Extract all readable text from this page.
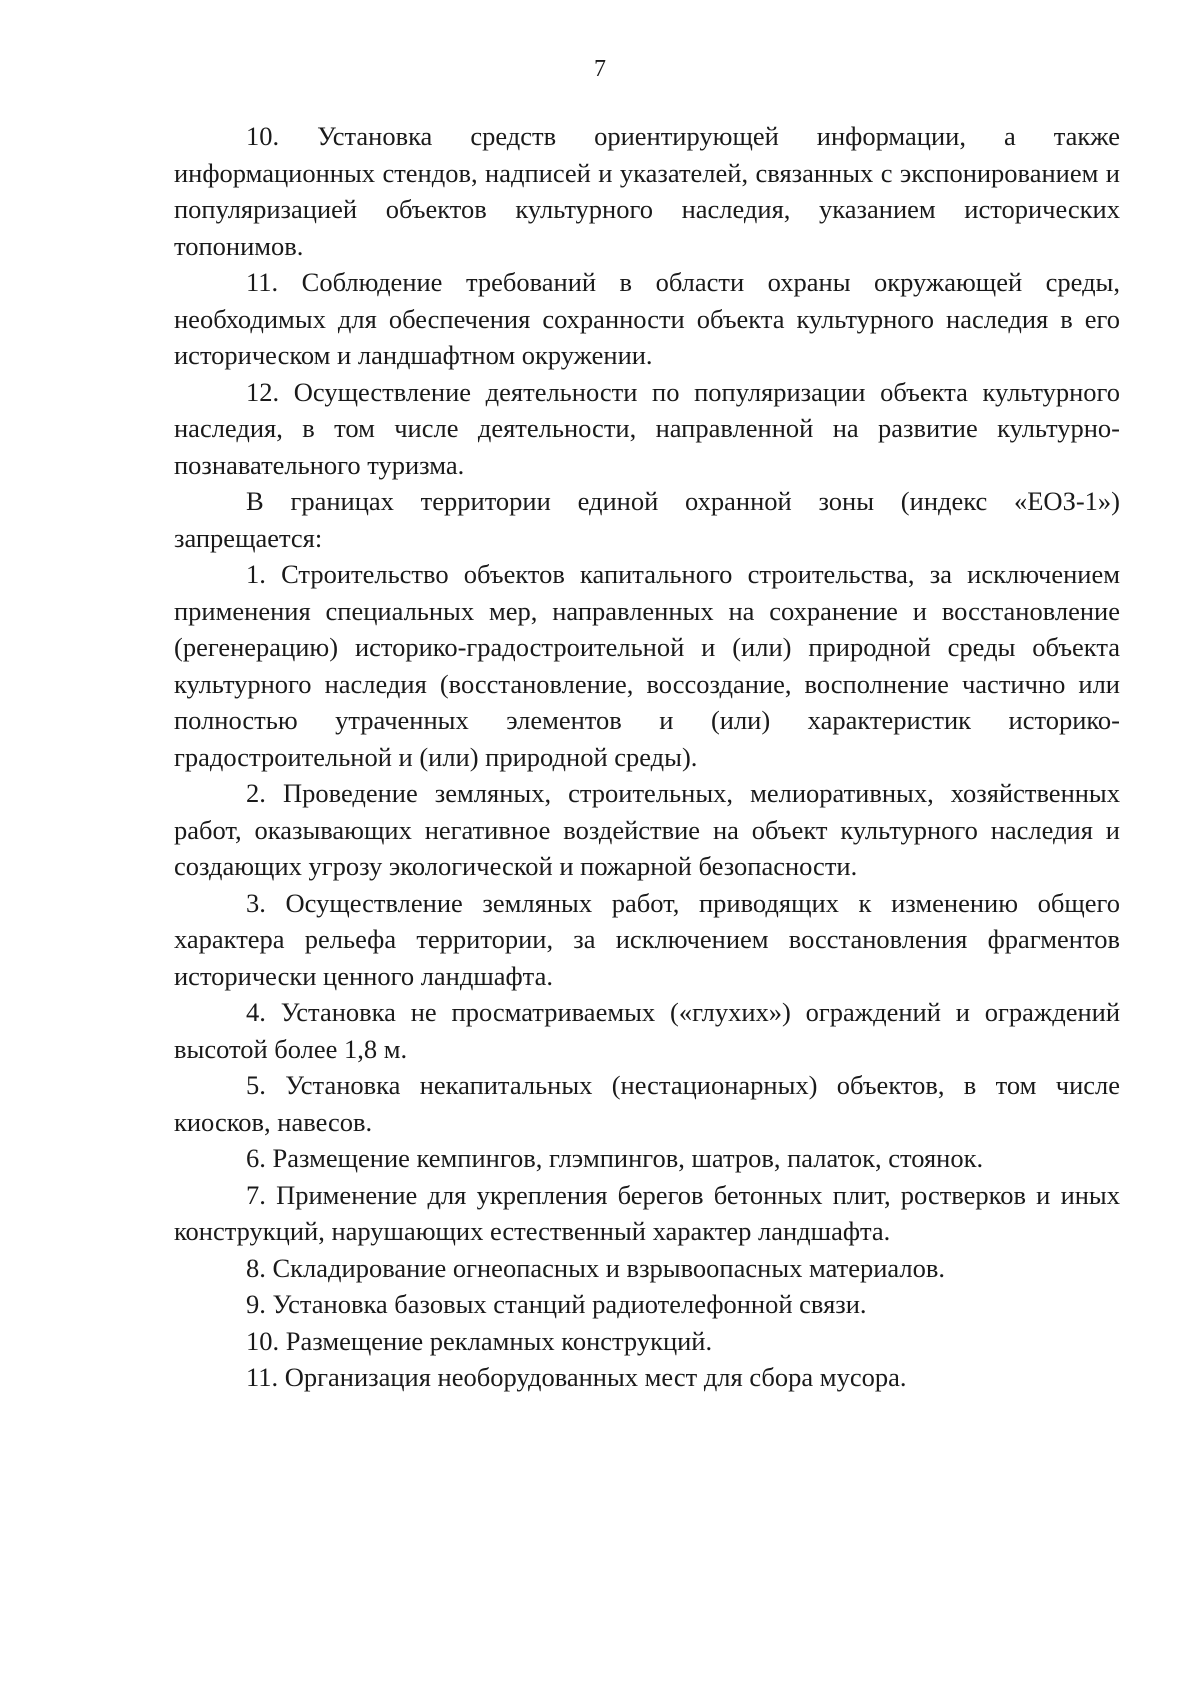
7

10. Установка средств ориентирующей информации, а также информационных стендов, надписей и указателей, связанных с экспонированием и популяризацией объектов культурного наследия, указанием исторических топонимов.

11. Соблюдение требований в области охраны окружающей среды, необходимых для обеспечения сохранности объекта культурного наследия в его историческом и ландшафтном окружении.

12. Осуществление деятельности по популяризации объекта культурного наследия, в том числе деятельности, направленной на развитие культурно-познавательного туризма.

В границах территории единой охранной зоны (индекс «ЕОЗ-1») запрещается:

1. Строительство объектов капитального строительства, за исключением применения специальных мер, направленных на сохранение и восстановление (регенерацию) историко-градостроительной и (или) природной среды объекта культурного наследия (восстановление, воссоздание, восполнение частично или полностью утраченных элементов и (или) характеристик историко-градостроительной и (или) природной среды).

2. Проведение земляных, строительных, мелиоративных, хозяйственных работ, оказывающих негативное воздействие на объект культурного наследия и создающих угрозу экологической и пожарной безопасности.

3. Осуществление земляных работ, приводящих к изменению общего характера рельефа территории, за исключением восстановления фрагментов исторически ценного ландшафта.

4. Установка не просматриваемых («глухих») ограждений и ограждений высотой более 1,8 м.

5. Установка некапитальных (нестационарных) объектов, в том числе киосков, навесов.

6. Размещение кемпингов, глэмпингов, шатров, палаток, стоянок.

7. Применение для укрепления берегов бетонных плит, ростверков и иных конструкций, нарушающих естественный характер ландшафта.

8. Складирование огнеопасных и взрывоопасных материалов.

9. Установка базовых станций радиотелефонной связи.

10. Размещение рекламных конструкций.

11. Организация необорудованных мест для сбора мусора.
